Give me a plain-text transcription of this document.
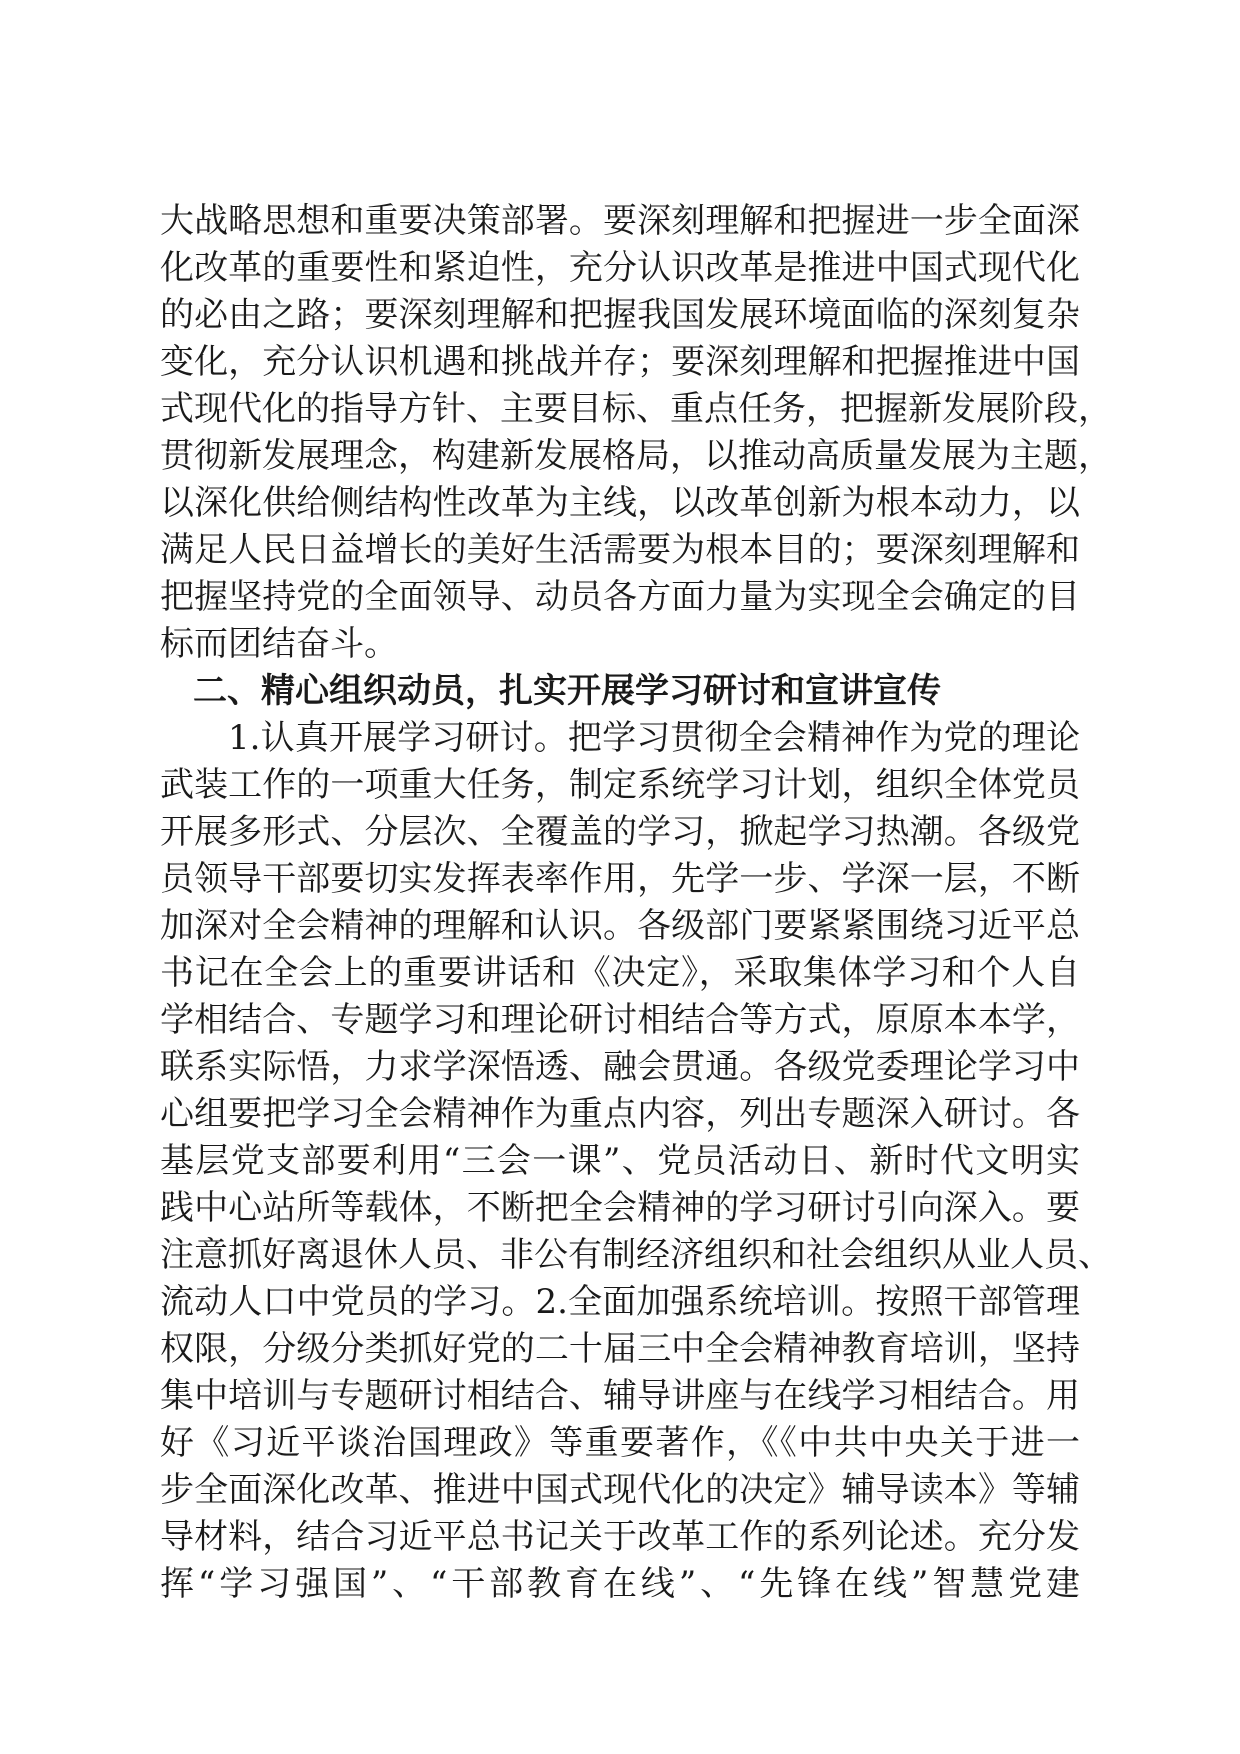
大战略思想和重要决策部署。要深刻理解和把握进一步全面深
化改革的重要性和紧迫性，充分认识改革是推进中国式现代化
的必由之路；要深刻理解和把握我国发展环境面临的深刻复杂
变化，充分认识机遇和挑战并存；要深刻理解和把握推进中国
式现代化的指导方针、主要目标、重点任务，把握新发展阶段，
贯彻新发展理念，构建新发展格局，以推动高质量发展为主题，
以深化供给侧结构性改革为主线，以改革创新为根本动力，以
满足人民日益增长的美好生活需要为根本目的；要深刻理解和
把握坚持党的全面领导、动员各方面力量为实现全会确定的目
标而团结奋斗。
二、精心组织动员，扎实开展学习研讨和宣讲宣传
1.认真开展学习研讨。把学习贯彻全会精神作为党的理论
武装工作的一项重大任务，制定系统学习计划，组织全体党员
开展多形式、分层次、全覆盖的学习，掀起学习热潮。各级党
员领导干部要切实发挥表率作用，先学一步、学深一层，不断
加深对全会精神的理解和认识。各级部门要紧紧围绕习近平总
书记在全会上的重要讲话和《决定》，采取集体学习和个人自
学相结合、专题学习和理论研讨相结合等方式，原原本本学，
联系实际悟，力求学深悟透、融会贯通。各级党委理论学习中
心组要把学习全会精神作为重点内容，列出专题深入研讨。各
基层党支部要利用“三会一课”、党员活动日、新时代文明实
践中心站所等载体，不断把全会精神的学习研讨引向深入。要
注意抓好离退休人员、非公有制经济组织和社会组织从业人员、
流动人口中党员的学习。2.全面加强系统培训。按照干部管理
权限，分级分类抓好党的二十届三中全会精神教育培训，坚持
集中培训与专题研讨相结合、辅导讲座与在线学习相结合。用
好《习近平谈治国理政》等重要著作，《《中共中央关于进一
步全面深化改革、推进中国式现代化的决定》辅导读本》等辅
导材料，结合习近平总书记关于改革工作的系列论述。充分发
挥“学习强国”、“干部教育在线”、“先锋在线”智慧党建
